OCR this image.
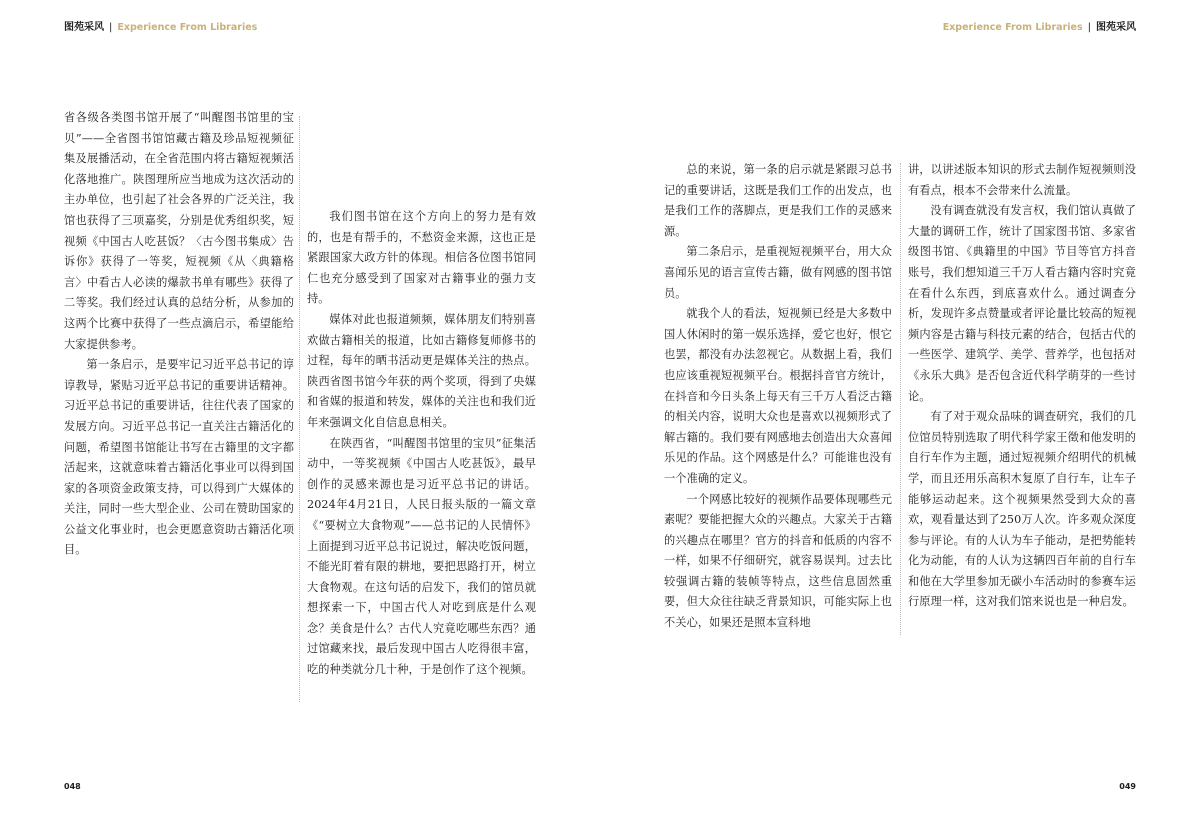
图苑采风 | Experience From Libraries

省各级各类图书馆开展了“叫醒图书馆里的宝贝”——全省图书馆馆藏古籍及珍品短视频征集及展播活动，在全省范围内将古籍短视频活化落地推广。陕图理所应当地成为这次活动的主办单位，也引起了社会各界的广泛关注，我馆也获得了三项嘉奖，分别是优秀组织奖，短视频《中国古人吃甚饭？〈古今图书集成〉告诉你》获得了一等奖，短视频《从〈典籍格言〉中看古人必读的爆款书单有哪些》获得了二等奖。我们经过认真的总结分析，从参加的这两个比赛中获得了一些点滴启示，希望能给大家提供参考。

第一条启示，是要牢记习近平总书记的谆谆教导，紧贴习近平总书记的重要讲话精神。习近平总书记的重要讲话，往往代表了国家的发展方向。习近平总书记一直关注古籍活化的问题，希望图书馆能让书写在古籍里的文字都活起来，这就意味着古籍活化事业可以得到国家的各项资金政策支持，可以得到广大媒体的关注，同时一些大型企业、公司在赞助国家的公益文化事业时，也会更愿意资助古籍活化项目。

我们图书馆在这个方向上的努力是有效的，也是有帮手的，不愁资金来源，这也正是紧跟国家大政方针的体现。相信各位图书馆同仁也充分感受到了国家对古籍事业的强力支持。

媒体对此也报道频频，媒体朋友们特别喜欢做古籍相关的报道，比如古籍修复师修书的过程，每年的晒书活动更是媒体关注的热点。陕西省图书馆今年获的两个奖项，得到了央媒和省媒的报道和转发，媒体的关注也和我们近年来强调文化自信息息相关。

在陕西省，“叫醒图书馆里的宝贝”征集活动中，一等奖视频《中国古人吃甚饭》，最早创作的灵感来源也是习近平总书记的讲话。2024年4月21日，人民日报头版的一篇文章《“要树立大食物观”——总书记的人民情怀》上面提到习近平总书记说过，解决吃饭问题，不能光盯着有限的耕地，要把思路打开，树立大食物观。在这句话的启发下，我们的馆员就想探索一下，中国古代人对吃到底是什么观念？美食是什么？古代人究竟吃哪些东西？通过馆藏来找，最后发现中国古人吃得很丰富，吃的种类就分几十种，于是创作了这个视频。

048
Experience From Libraries | 图苑采风

总的来说，第一条的启示就是紧跟习总书记的重要讲话，这既是我们工作的出发点，也是我们工作的落脚点，更是我们工作的灵感来源。

第二条启示，是重视短视频平台，用大众喜闻乐见的语言宣传古籍，做有网感的图书馆员。

就我个人的看法，短视频已经是大多数中国人休闲时的第一娱乐选择，爱它也好，恨它也罢，都没有办法忽视它。从数据上看，我们也应该重视短视频平台。根据抖音官方统计，在抖音和今日头条上每天有三千万人看泛古籍的相关内容，说明大众也是喜欢以视频形式了解古籍的。我们要有网感地去创造出大众喜闻乐见的作品。这个网感是什么？可能谁也没有一个准确的定义。

一个网感比较好的视频作品要体现哪些元素呢？要能把握大众的兴趣点。大家关于古籍的兴趣点在哪里？官方的抖音和低质的内容不一样，如果不仔细研究，就容易误判。过去比较强调古籍的装帧等特点，这些信息固然重要，但大众往往缺乏背景知识，可能实际上也不关心，如果还是照本宣科地

讲，以讲述版本知识的形式去制作短视频则没有看点，根本不会带来什么流量。

没有调查就没有发言权，我们馆认真做了大量的调研工作，统计了国家图书馆、多家省级图书馆、《典籍里的中国》节目等官方抖音账号，我们想知道三千万人看古籍内容时究竟在看什么东西，到底喜欢什么。通过调查分析，发现许多点赞量或者评论量比较高的短视频内容是古籍与科技元素的结合，包括古代的一些医学、建筑学、美学、营养学，也包括对《永乐大典》是否包含近代科学萌芽的一些讨论。

有了对于观众品味的调查研究，我们的几位馆员特别选取了明代科学家王徵和他发明的自行车作为主题，通过短视频介绍明代的机械学，而且还用乐高积木复原了自行车，让车子能够运动起来。这个视频果然受到大众的喜欢，观看量达到了250万人次。许多观众深度参与评论。有的人认为车子能动，是把势能转化为动能，有的人认为这辆四百年前的自行车和他在大学里参加无碳小车活动时的参赛车运行原理一样，这对我们馆来说也是一种启发。

049
